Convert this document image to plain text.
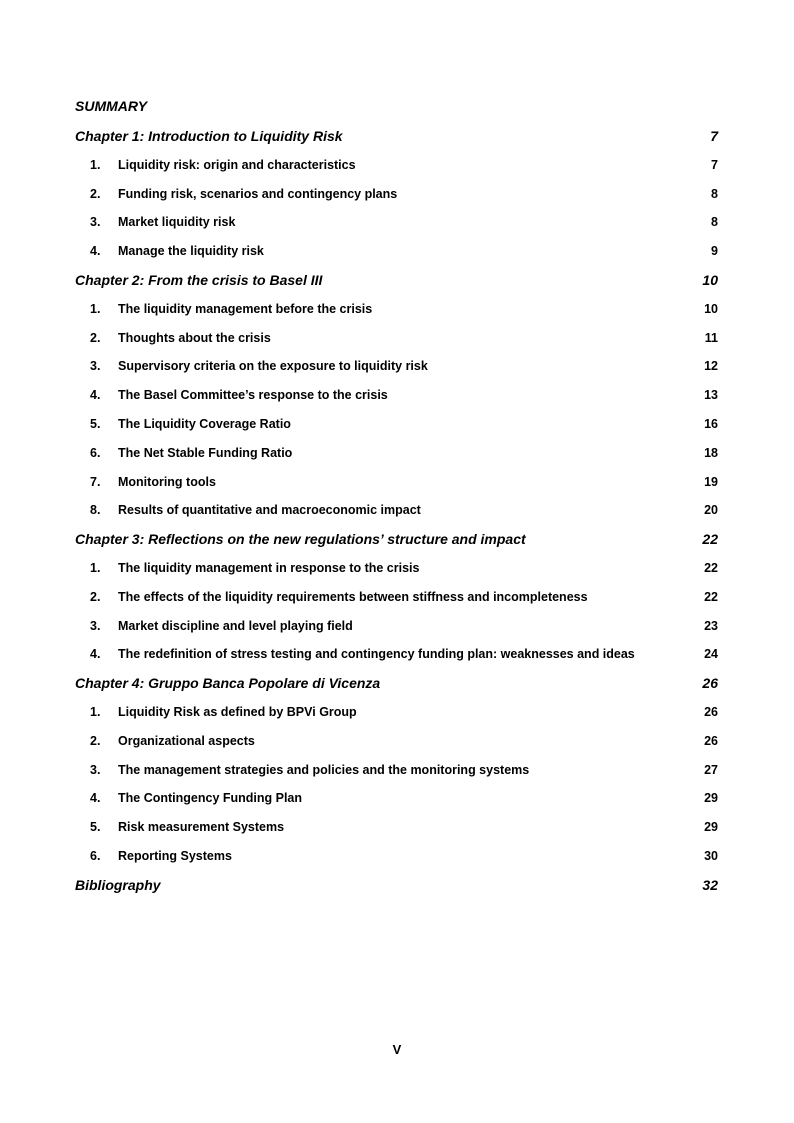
SUMMARY
Chapter 1: Introduction to Liquidity Risk	7
1. Liquidity risk: origin and characteristics	7
2. Funding risk, scenarios and contingency plans	8
3. Market liquidity risk	8
4. Manage the liquidity risk	9
Chapter 2: From the crisis to Basel III	10
1. The liquidity management before the crisis	10
2. Thoughts about the crisis	11
3. Supervisory criteria on the exposure to liquidity risk	12
4. The Basel Committee’s response to the crisis	13
5. The Liquidity Coverage Ratio	16
6. The Net Stable Funding Ratio	18
7. Monitoring tools	19
8. Results of quantitative and macroeconomic impact	20
Chapter 3: Reflections on the new regulations’ structure and impact	22
1. The liquidity management in response to the crisis	22
2. The effects of the liquidity requirements between stiffness and incompleteness	22
3. Market discipline and level playing field	23
4. The redefinition of stress testing and contingency funding plan: weaknesses and ideas	24
Chapter 4: Gruppo Banca Popolare di Vicenza	26
1. Liquidity Risk as defined by BPVi Group	26
2. Organizational aspects	26
3. The management strategies and policies and the monitoring systems	27
4. The Contingency Funding Plan	29
5. Risk measurement Systems	29
6. Reporting Systems	30
Bibliography	32
V
